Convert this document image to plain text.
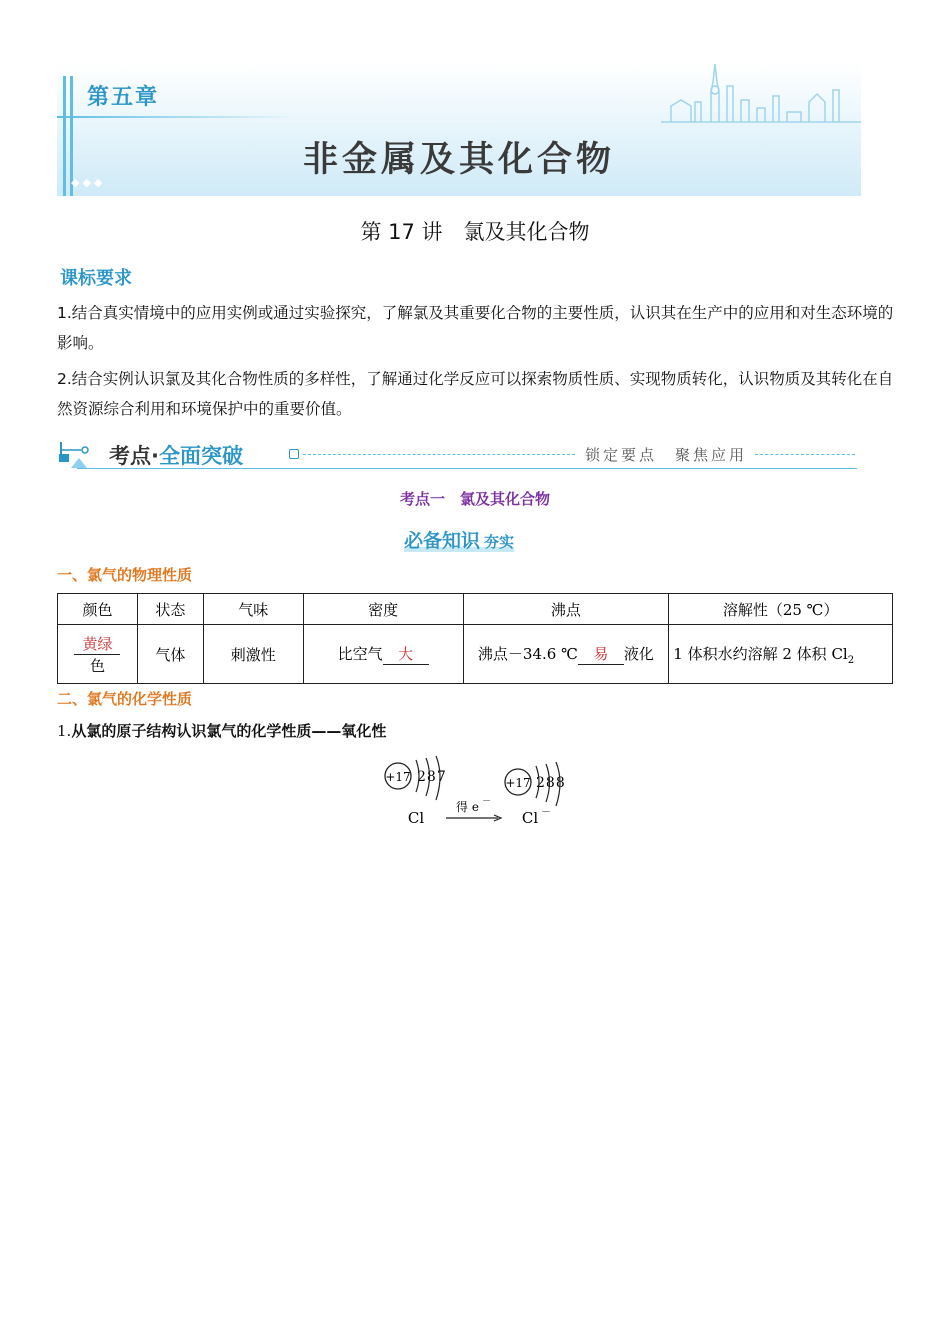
第五章
非金属及其化合物
◆◆◆
第 17 讲　氯及其化合物
课标要求
1.结合真实情境中的应用实例或通过实验探究，了解氯及其重要化合物的主要性质，认识其在生产中的应用和对生态环境的影响。
2.结合实例认识氯及其化合物性质的多样性，了解通过化学反应可以探索物质性质、实现物质转化，认识物质及其转化在自然资源综合利用和环境保护中的重要价值。
考点·全面突破	锁定要点　聚焦应用
考点一　氯及其化合物
必备知识 夯实
一、氯气的物理性质
颜色	状态	气味	密度	沸点	溶解性（25 ℃）
黄绿
色	气体	刺激性	比空气 大	沸点－34.6 ℃ 易 液化	1 体积水约溶解 2 体积 $Cl_2$
二、氯气的化学性质
1.从氯的原子结构认识氯气的化学性质——氧化性
+17 287
Cl
得 e －
+17 288
Cl －
